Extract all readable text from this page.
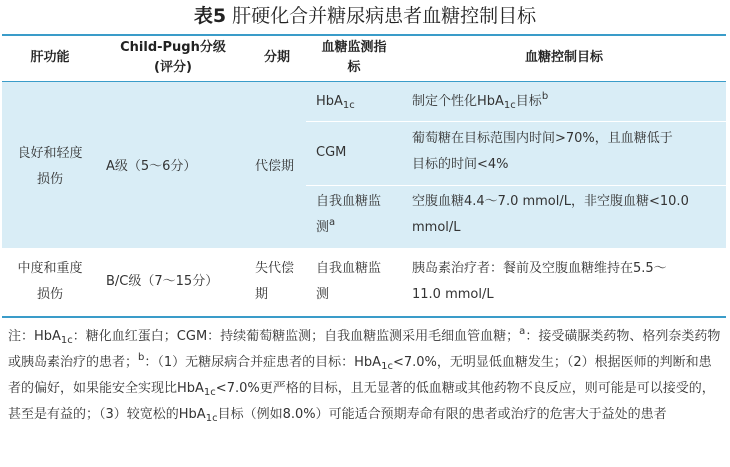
表5 肝硬化合并糖尿病患者血糖控制目标
肝功能
Child-Pugh分级
(评分)
分期
血糖监测指
标
血糖控制目标
良好和轻度
损伤
A级（5～6分）	代偿期
HbA$_{1c}$	制定个性化HbA$_{1c}$目标$^b$
CGM
葡萄糖在目标范围内时间>70%，且血糖低于
目标的时间<4%
自我血糖监
测$^a$
空腹血糖4.4～7.0 mmol/L，非空腹血糖<10.0
mmol/L
中度和重度
损伤
B/C级（7～15分）
失代偿
期
自我血糖监
测
胰岛素治疗者：餐前及空腹血糖维持在5.5～
11.0 mmol/L
注：HbA$_{1c}$：糖化血红蛋白；CGM：持续葡萄糖监测；自我血糖监测采用毛细血管血糖；$^a$：接受磺脲类药物、格列奈类药物或胰岛素治疗的患者；$^b$：（1）无糖尿病合并症患者的目标：HbA$_{1c}$<7.0%，无明显低血糖发生；（2）根据医师的判断和患者的偏好，如果能安全实现比HbA$_{1c}$<7.0%更严格的目标，且无显著的低血糖或其他药物不良反应，则可能是可以接受的，甚至是有益的；（3）较宽松的HbA$_{1c}$目标（例如8.0%）可能适合预期寿命有限的患者或治疗的危害大于益处的患者
